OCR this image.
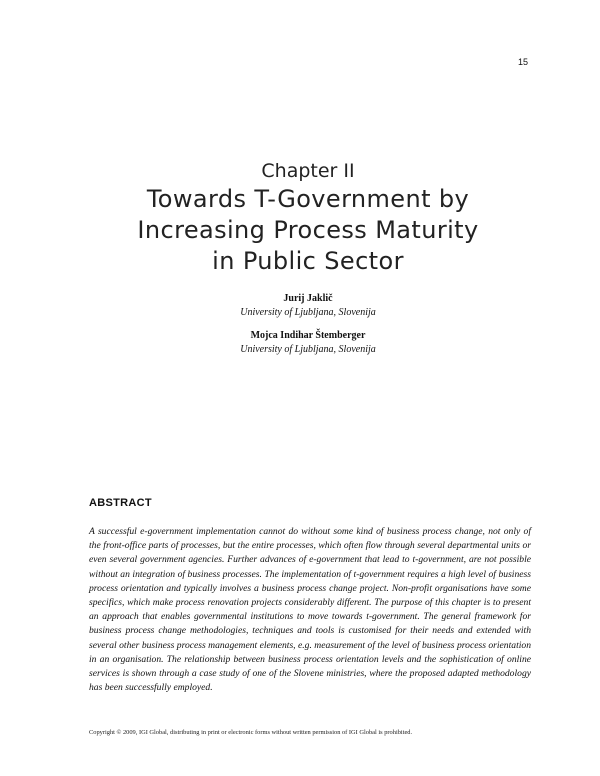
15
Chapter II
Towards T-Government by
Increasing Process Maturity
in Public Sector
Jurij Jaklič
University of Ljubljana, Slovenija
Mojca Indihar Štemberger
University of Ljubljana, Slovenija
ABSTRACT

A successful e-government implementation cannot do without some kind of business process change, not only of the front-office parts of processes, but the entire processes, which often flow through several departmental units or even several government agencies. Further advances of e-government that lead to t-government, are not possible without an integration of business processes. The implementation of t-government requires a high level of business process orientation and typically involves a business process change project. Non-profit organisations have some specifics, which make process renovation projects considerably different. The purpose of this chapter is to present an approach that enables governmental institutions to move towards t-government. The general framework for business process change methodologies, techniques and tools is customised for their needs and extended with several other business process management elements, e.g. measurement of the level of business process orientation in an organisation. The relationship between business process orientation levels and the sophistication of online services is shown through a case study of one of the Slovene ministries, where the proposed adapted methodology has been successfully employed.

Copyright © 2009, IGI Global, distributing in print or electronic forms without written permission of IGI Global is prohibited.
